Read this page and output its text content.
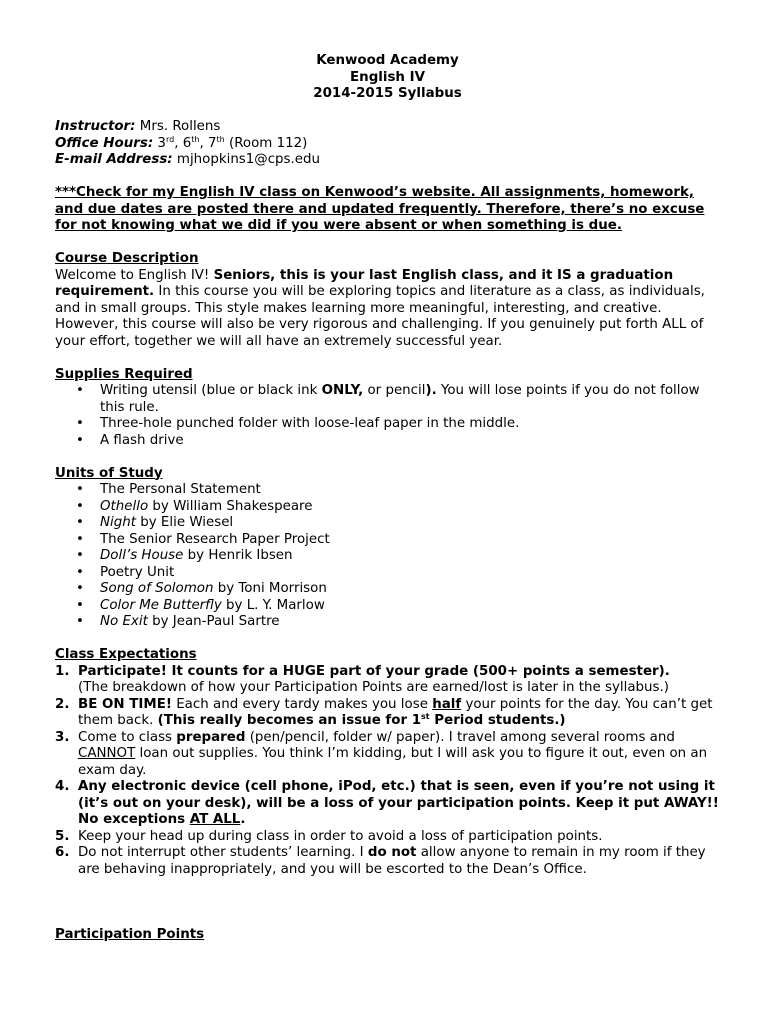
Kenwood Academy
English IV
2014-2015 Syllabus
Instructor: Mrs. Rollens
Office Hours: 3rd, 6th, 7th (Room 112)
E-mail Address: mjhopkins1@cps.edu
***Check for my English IV class on Kenwood’s website. All assignments, homework, and due dates are posted there and updated frequently. Therefore, there’s no excuse for not knowing what we did if you were absent or when something is due.
Course Description
Welcome to English IV! Seniors, this is your last English class, and it IS a graduation requirement. In this course you will be exploring topics and literature as a class, as individuals, and in small groups. This style makes learning more meaningful, interesting, and creative. However, this course will also be very rigorous and challenging. If you genuinely put forth ALL of your effort, together we will all have an extremely successful year.
Supplies Required
• Writing utensil (blue or black ink ONLY, or pencil). You will lose points if you do not follow this rule.
• Three-hole punched folder with loose-leaf paper in the middle.
• A flash drive
Units of Study
• The Personal Statement
• Othello by William Shakespeare
• Night by Elie Wiesel
• The Senior Research Paper Project
• Doll’s House by Henrik Ibsen
• Poetry Unit
• Song of Solomon by Toni Morrison
• Color Me Butterfly by L. Y. Marlow
• No Exit by Jean-Paul Sartre
Class Expectations
1. Participate! It counts for a HUGE part of your grade (500+ points a semester).
(The breakdown of how your Participation Points are earned/lost is later in the syllabus.)
2. BE ON TIME! Each and every tardy makes you lose half your points for the day. You can’t get them back. (This really becomes an issue for 1st Period students.)
3. Come to class prepared (pen/pencil, folder w/ paper). I travel among several rooms and CANNOT loan out supplies. You think I’m kidding, but I will ask you to figure it out, even on an exam day.
4. Any electronic device (cell phone, iPod, etc.) that is seen, even if you’re not using it (it’s out on your desk), will be a loss of your participation points. Keep it put AWAY!! No exceptions AT ALL.
5. Keep your head up during class in order to avoid a loss of participation points.
6. Do not interrupt other students’ learning. I do not allow anyone to remain in my room if they are behaving inappropriately, and you will be escorted to the Dean’s Office.
Participation Points
